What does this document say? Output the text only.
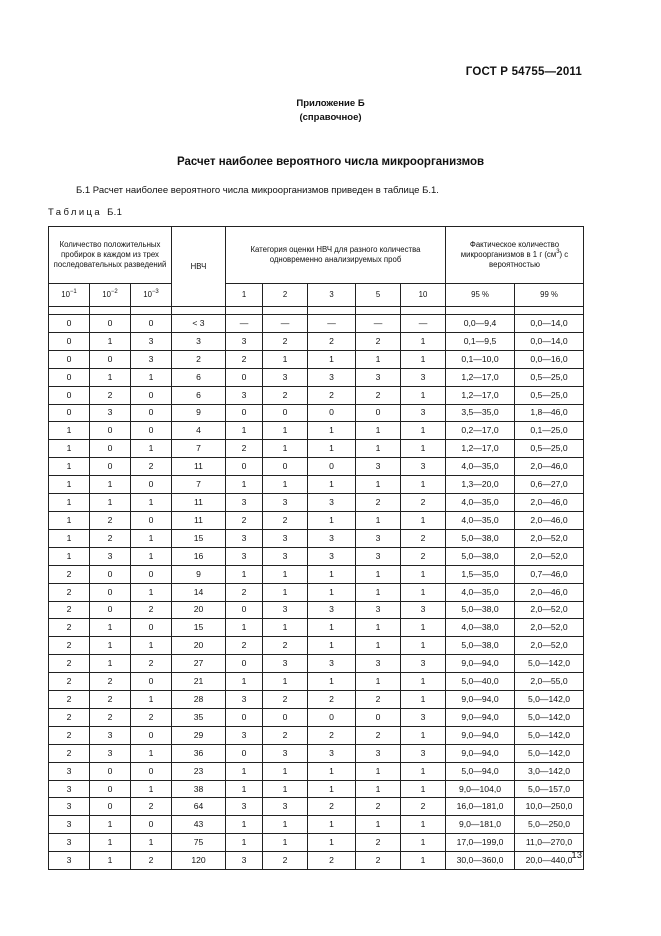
ГОСТ Р 54755—2011
Приложение Б
(справочное)
Расчет наиболее вероятного числа микроорганизмов
Б.1 Расчет наиболее вероятного числа микроорганизмов приведен в таблице Б.1.
Таблица Б.1
Количество положительных пробирок в каждом из трех последовательных разведений			НВЧ	Категория оценки НВЧ для разного количества одновременно анализируемых проб					Фактическое количество микроорганизмов в 1 г $(см^3)$ с вероятностью	
$10^{-1}$	$10^{-2}$	$10^{-3}$		1	2	3	5	10	95 %	99 %

0	0	0	< 3	—	—	—	—	—	0,0—9,4	0,0—14,0
0	1	3	3	3	2	2	2	1	0,1—9,5	0,0—14,0
0	0	3	2	2	1	1	1	1	0,1—10,0	0,0—16,0
0	1	1	6	0	3	3	3	3	1,2—17,0	0,5—25,0
0	2	0	6	3	2	2	2	1	1,2—17,0	0,5—25,0
0	3	0	9	0	0	0	0	3	3,5—35,0	1,8—46,0
1	0	0	4	1	1	1	1	1	0,2—17,0	0,1—25,0
1	0	1	7	2	1	1	1	1	1,2—17,0	0,5—25,0
1	0	2	11	0	0	0	3	3	4,0—35,0	2,0—46,0
1	1	0	7	1	1	1	1	1	1,3—20,0	0,6—27,0
1	1	1	11	3	3	3	2	2	4,0—35,0	2,0—46,0
1	2	0	11	2	2	1	1	1	4,0—35,0	2,0—46,0
1	2	1	15	3	3	3	3	2	5,0—38,0	2,0—52,0
1	3	1	16	3	3	3	3	2	5,0—38,0	2,0—52,0
2	0	0	9	1	1	1	1	1	1,5—35,0	0,7—46,0
2	0	1	14	2	1	1	1	1	4,0—35,0	2,0—46,0
2	0	2	20	0	3	3	3	3	5,0—38,0	2,0—52,0
2	1	0	15	1	1	1	1	1	4,0—38,0	2,0—52,0
2	1	1	20	2	2	1	1	1	5,0—38,0	2,0—52,0
2	1	2	27	0	3	3	3	3	9,0—94,0	5,0—142,0
2	2	0	21	1	1	1	1	1	5,0—40,0	2,0—55,0
2	2	1	28	3	2	2	2	1	9,0—94,0	5,0—142,0
2	2	2	35	0	0	0	0	3	9,0—94,0	5,0—142,0
2	3	0	29	3	2	2	2	1	9,0—94,0	5,0—142,0
2	3	1	36	0	3	3	3	3	9,0—94,0	5,0—142,0
3	0	0	23	1	1	1	1	1	5,0—94,0	3,0—142,0
3	0	1	38	1	1	1	1	1	9,0—104,0	5,0—157,0
3	0	2	64	3	3	2	2	2	16,0—181,0	10,0—250,0
3	1	0	43	1	1	1	1	1	9,0—181,0	5,0—250,0
3	1	1	75	1	1	1	2	1	17,0—199,0	11,0—270,0
3	1	2	120	3	2	2	2	1	30,0—360,0	20,0—440,0 13
